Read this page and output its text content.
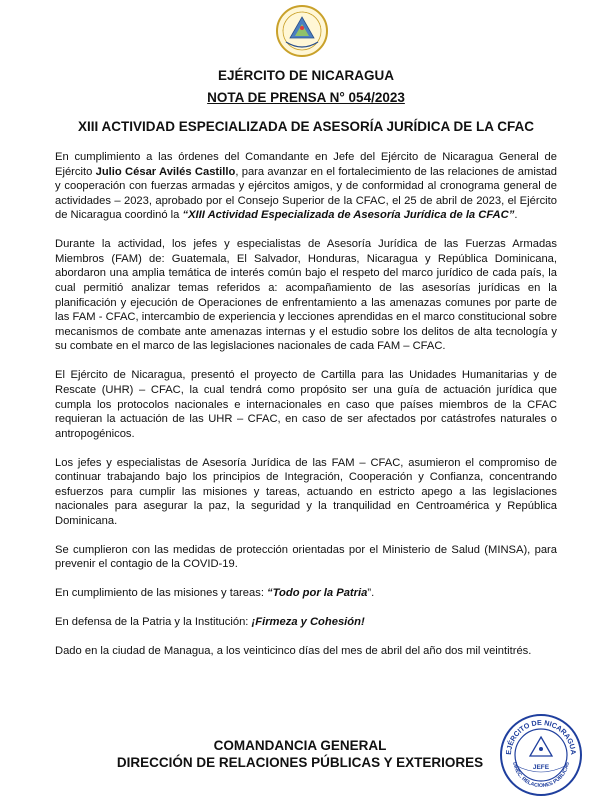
EJÉRCITO DE NICARAGUA
NOTA DE PRENSA N° 054/2023
XIII ACTIVIDAD ESPECIALIZADA DE ASESORÍA JURÍDICA DE LA CFAC

En cumplimiento a las órdenes del Comandante en Jefe del Ejército de Nicaragua General de Ejército Julio César Avilés Castillo, para avanzar en el fortalecimiento de las relaciones de amistad y cooperación con fuerzas armadas y ejércitos amigos, y de conformidad al cronograma general de actividades – 2023, aprobado por el Consejo Superior de la CFAC, el 25 de abril de 2023, el Ejército de Nicaragua coordinó la “XIII Actividad Especializada de Asesoría Jurídica de la CFAC”.

Durante la actividad, los jefes y especialistas de Asesoría Jurídica de las Fuerzas Armadas Miembros (FAM) de: Guatemala, El Salvador, Honduras, Nicaragua y República Dominicana, abordaron una amplia temática de interés común bajo el respeto del marco jurídico de cada país, la cual permitió analizar temas referidos a: acompañamiento de las asesorías jurídicas en la planificación y ejecución de Operaciones de enfrentamiento a las amenazas comunes por parte de las FAM - CFAC, intercambio de experiencia y lecciones aprendidas en el marco constitucional sobre mecanismos de combate ante amenazas internas y el estudio sobre los delitos de alta tecnología y su combate en el marco de las legislaciones nacionales de cada FAM – CFAC.

El Ejército de Nicaragua, presentó el proyecto de Cartilla para las Unidades Humanitarias y de Rescate (UHR) – CFAC, la cual tendrá como propósito ser una guía de actuación jurídica que cumpla los protocolos nacionales e internacionales en caso que países miembros de la CFAC requieran la actuación de las UHR – CFAC, en caso de ser afectados por catástrofes naturales o antropogénicos.

Los jefes y especialistas de Asesoría Jurídica de las FAM – CFAC, asumieron el compromiso de continuar trabajando bajo los principios de Integración, Cooperación y Confianza, concentrando esfuerzos para cumplir las misiones y tareas, actuando en estricto apego a las legislaciones nacionales para asegurar la paz, la seguridad y la tranquilidad en Centroamérica y República Dominicana.

Se cumplieron con las medidas de protección orientadas por el Ministerio de Salud (MINSA), para prevenir el contagio de la COVID-19.

En cumplimiento de las misiones y tareas: “Todo por la Patria”.

En defensa de la Patria y la Institución: ¡Firmeza y Cohesión!

Dado en la ciudad de Managua, a los veinticinco días del mes de abril del año dos mil veintitrés.

COMANDANCIA GENERAL
DIRECCIÓN DE RELACIONES PÚBLICAS Y EXTERIORES
EJÉRCITO DE NICARAGUA
DIREC. RELACIONES PÚBLICAS
JEFE
